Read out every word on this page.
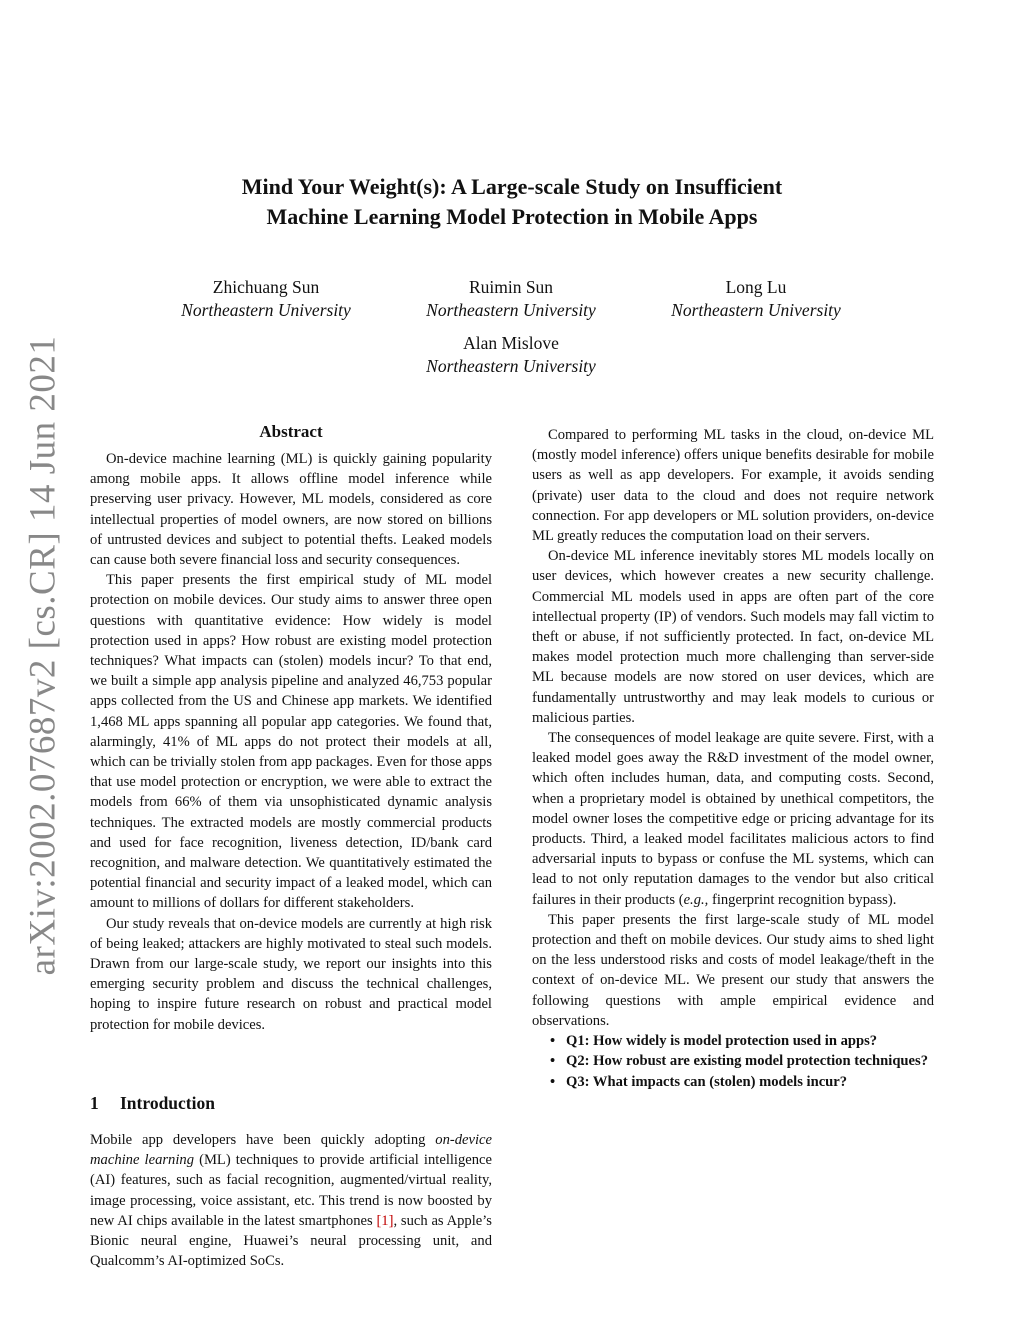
arXiv:2002.07687v2 [cs.CR] 14 Jun 2021
Mind Your Weight(s): A Large-scale Study on Insufficient
Machine Learning Model Protection in Mobile Apps
Zhichuang Sun
Northeastern University
Ruimin Sun
Northeastern University
Long Lu
Northeastern University
Alan Mislove
Northeastern University
Abstract

On-device machine learning (ML) is quickly gaining popularity among mobile apps. It allows offline model inference while preserving user privacy. However, ML models, considered as core intellectual properties of model owners, are now stored on billions of untrusted devices and subject to potential thefts. Leaked models can cause both severe financial loss and security consequences.

This paper presents the first empirical study of ML model protection on mobile devices. Our study aims to answer three open questions with quantitative evidence: How widely is model protection used in apps? How robust are existing model protection techniques? What impacts can (stolen) models incur? To that end, we built a simple app analysis pipeline and analyzed 46,753 popular apps collected from the US and Chinese app markets. We identified 1,468 ML apps spanning all popular app categories. We found that, alarmingly, 41% of ML apps do not protect their models at all, which can be trivially stolen from app packages. Even for those apps that use model protection or encryption, we were able to extract the models from 66% of them via unsophisticated dynamic analysis techniques. The extracted models are mostly commercial products and used for face recognition, liveness detection, ID/bank card recognition, and malware detection. We quantitatively estimated the potential financial and security impact of a leaked model, which can amount to millions of dollars for different stakeholders.

Our study reveals that on-device models are currently at high risk of being leaked; attackers are highly motivated to steal such models. Drawn from our large-scale study, we report our insights into this emerging security problem and discuss the technical challenges, hoping to inspire future research on robust and practical model protection for mobile devices.

1 Introduction

Mobile app developers have been quickly adopting on-device machine learning (ML) techniques to provide artificial intelligence (AI) features, such as facial recognition, augmented/virtual reality, image processing, voice assistant, etc. This trend is now boosted by new AI chips available in the latest smartphones [1], such as Apple’s Bionic neural engine, Huawei’s neural processing unit, and Qualcomm’s AI-optimized SoCs.

Compared to performing ML tasks in the cloud, on-device ML (mostly model inference) offers unique benefits desirable for mobile users as well as app developers. For example, it avoids sending (private) user data to the cloud and does not require network connection. For app developers or ML solution providers, on-device ML greatly reduces the computation load on their servers.

On-device ML inference inevitably stores ML models locally on user devices, which however creates a new security challenge. Commercial ML models used in apps are often part of the core intellectual property (IP) of vendors. Such models may fall victim to theft or abuse, if not sufficiently protected. In fact, on-device ML makes model protection much more challenging than server-side ML because models are now stored on user devices, which are fundamentally untrustworthy and may leak models to curious or malicious parties.

The consequences of model leakage are quite severe. First, with a leaked model goes away the R&D investment of the model owner, which often includes human, data, and computing costs. Second, when a proprietary model is obtained by unethical competitors, the model owner loses the competitive edge or pricing advantage for its products. Third, a leaked model facilitates malicious actors to find adversarial inputs to bypass or confuse the ML systems, which can lead to not only reputation damages to the vendor but also critical failures in their products (e.g., fingerprint recognition bypass).

This paper presents the first large-scale study of ML model protection and theft on mobile devices. Our study aims to shed light on the less understood risks and costs of model leakage/theft in the context of on-device ML. We present our study that answers the following questions with ample empirical evidence and observations.

• Q1: How widely is model protection used in apps?
• Q2: How robust are existing model protection techniques?
• Q3: What impacts can (stolen) models incur?
